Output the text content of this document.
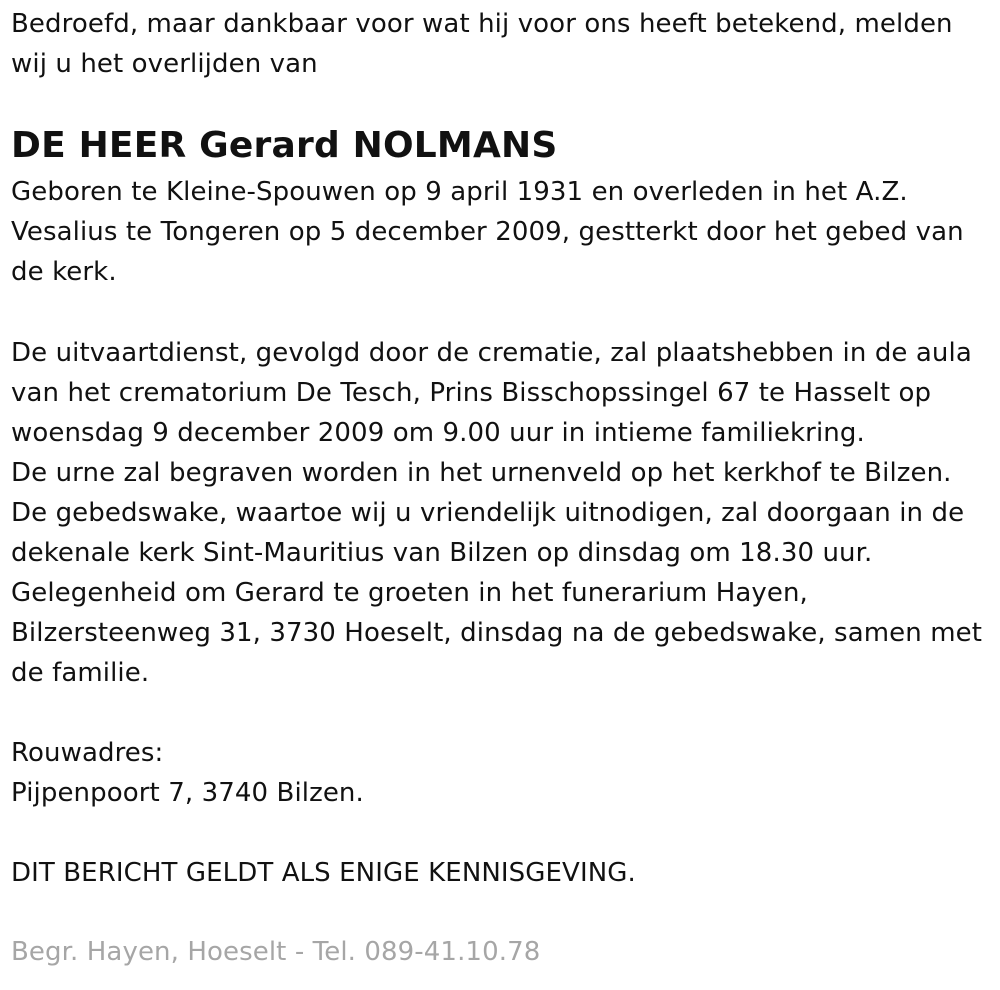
Bedroefd, maar dankbaar voor wat hij voor ons heeft betekend, melden
wij u het overlijden van
DE HEER Gerard NOLMANS
Geboren te Kleine-Spouwen op 9 april 1931 en overleden in het A.Z.
Vesalius te Tongeren op 5 december 2009, gestterkt door het gebed van
de kerk.
De uitvaartdienst, gevolgd door de crematie, zal plaatshebben in de aula
van het crematorium De Tesch, Prins Bisschopssingel 67 te Hasselt op
woensdag 9 december 2009 om 9.00 uur in intieme familiekring.
De urne zal begraven worden in het urnenveld op het kerkhof te Bilzen.
De gebedswake, waartoe wij u vriendelijk uitnodigen, zal doorgaan in de
dekenale kerk Sint-Mauritius van Bilzen op dinsdag om 18.30 uur.
Gelegenheid om Gerard te groeten in het funerarium Hayen,
Bilzersteenweg 31, 3730 Hoeselt, dinsdag na de gebedswake, samen met
de familie.
Rouwadres:
Pijpenpoort 7, 3740 Bilzen.
DIT BERICHT GELDT ALS ENIGE KENNISGEVING.
Begr. Hayen, Hoeselt - Tel. 089-41.10.78
